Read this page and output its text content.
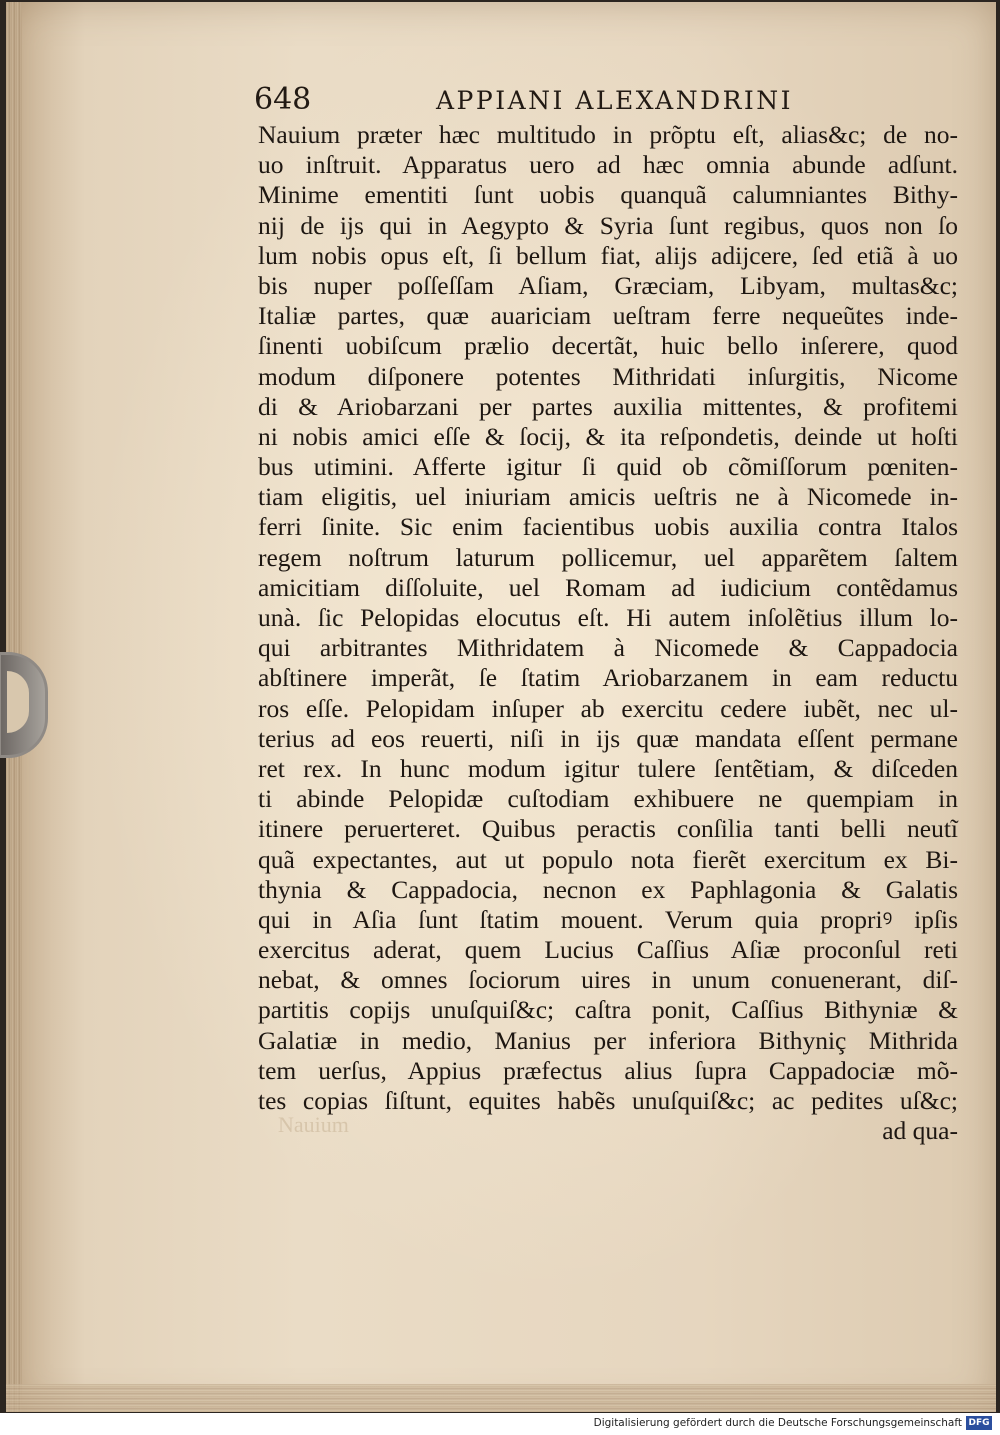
648	APPIANI ALEXANDRINI
Nauium præter hæc multitudo in prõptu eſt, alias&c; de no-
uo inſtruit. Apparatus uero ad hæc omnia abunde adſunt.
Minime ementiti ſunt uobis quanquã calumniantes Bithy-
nij de ijs qui in Aegypto & Syria ſunt regibus, quos non ſo
lum nobis opus eſt, ſi bellum fiat, alijs adijcere, ſed etiã à uo
bis nuper poſſeſſam Aſiam, Græciam, Libyam, multas&c;
Italiæ partes, quæ auariciam ueſtram ferre nequeũtes inde-
ſinenti uobiſcum prælio decertãt, huic bello inſerere, quod
modum diſponere potentes Mithridati inſurgitis, Nicome
di & Ariobarzani per partes auxilia mittentes, & profitemi
ni nobis amici eſſe & ſocij, & ita reſpondetis, deinde ut hoſti
bus utimini. Afferte igitur ſi quid ob cõmiſſorum pœniten-
tiam eligitis, uel iniuriam amicis ueſtris ne à Nicomede in-
ferri ſinite. Sic enim facientibus uobis auxilia contra Italos
regem noſtrum laturum pollicemur, uel apparẽtem ſaltem
amicitiam diſſoluite, uel Romam ad iudicium contẽdamus
unà. ſic Pelopidas elocutus eſt. Hi autem inſolẽtius illum lo-
qui arbitrantes Mithridatem à Nicomede & Cappadocia
abſtinere imperãt, ſe ſtatim Ariobarzanem in eam reductu
ros eſſe. Pelopidam inſuper ab exercitu cedere iubẽt, nec ul-
terius ad eos reuerti, niſi in ijs quæ mandata eſſent permane
ret rex. In hunc modum igitur tulere ſentẽtiam, & diſceden
ti abinde Pelopidæ cuſtodiam exhibuere ne quempiam in
itinere peruerteret. Quibus peractis conſilia tanti belli neutĩ
quã expectantes, aut ut populo nota fierẽt exercitum ex Bi-
thynia & Cappadocia, necnon ex Paphlagonia & Galatis
qui in Aſia ſunt ſtatim mouent. Verum quia propriꝰ ipſis
exercitus aderat, quem Lucius Caſſius Aſiæ proconſul reti
nebat, & omnes ſociorum uires in unum conuenerant, diſ-
partitis copijs unuſquiſ&c; caſtra ponit, Caſſius Bithyniæ &
Galatiæ in medio, Manius per inferiora Bithyniç Mithrida
tem uerſus, Appius præfectus alius ſupra Cappadociæ mõ-
tes copias ſiſtunt, equites habẽs unuſquiſ&c; ac pedites uſ&c;
ad qua-
Nauium
Digitalisierung gefördert durch die Deutsche Forschungsgemeinschaft DFG
